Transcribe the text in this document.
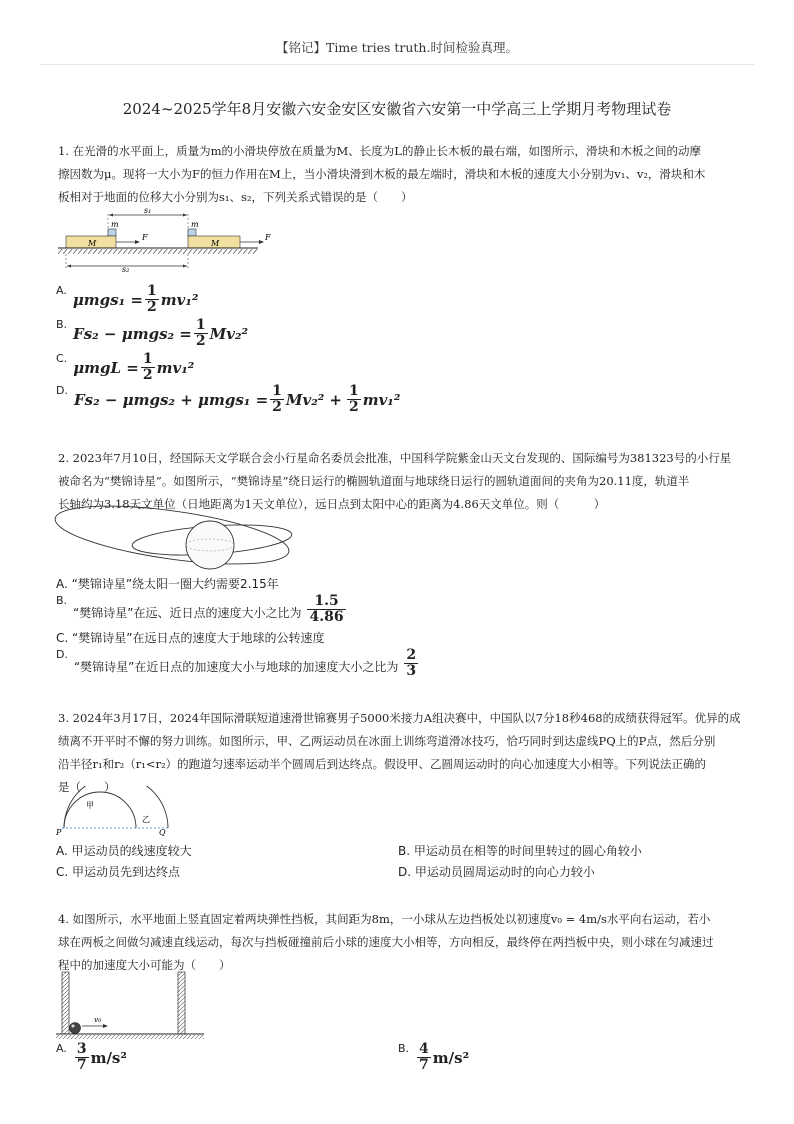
【铭记】Time tries truth.时间检验真理。
2024~2025学年8月安徽六安金安区安徽省六安第一中学高三上学期月考物理试卷
1. 在光滑的水平面上，质量为m的小滑块停放在质量为M、长度为L的静止长木板的最右端，如图所示，滑块和木板之间的动摩
擦因数为μ。现将一大小为F的恒力作用在M上，当小滑块滑到木板的最左端时，滑块和木板的速度大小分别为v₁、v₂，滑块和木
板相对于地面的位移大小分别为s₁、s₂，下列关系式错误的是（　　）
s₁
m
M
F
m
M
F
s₂
A. $\mu mgs_1 = \frac{1}{2} mv_1^2$
B. $Fs_2 - \mu mgs_2 = \frac{1}{2} Mv_2^2$
C. $\mu mgL = \frac{1}{2} mv_1^2$
D. $Fs_2 - \mu mgs_2 + \mu mgs_1 = \frac{1}{2} Mv_2^2 + \frac{1}{2} mv_1^2$
2. 2023年7月10日，经国际天文学联合会小行星命名委员会批准，中国科学院紫金山天文台发现的、国际编号为381323号的小行星
被命名为“樊锦诗星”。如图所示，“樊锦诗星”绕日运行的椭圆轨道面与地球绕日运行的圆轨道面间的夹角为20.11度，轨道半
长轴约为3.18天文单位（日地距离为1天文单位），远日点到太阳中心的距离为4.86天文单位。则（　　　）
A. “樊锦诗星”绕太阳一圈大约需要2.15年
B.
“樊锦诗星”在远、近日点的速度大小之比为 $\frac{1.5}{4.86}$
C. “樊锦诗星”在远日点的速度大于地球的公转速度
D.
“樊锦诗星”在近日点的加速度大小与地球的加速度大小之比为 $\frac{2}{3}$
3. 2024年3月17日，2024年国际滑联短道速滑世锦赛男子5000米接力A组决赛中，中国队以7分18秒468的成绩获得冠军。优异的成
绩离不开平时不懈的努力训练。如图所示，甲、乙两运动员在冰面上训练弯道滑冰技巧，恰巧同时到达虚线PQ上的P点，然后分别
沿半径r₁和r₂（r₁<r₂）的跑道匀速率运动半个圆周后到达终点。假设甲、乙圆周运动时的向心加速度大小相等。下列说法正确的
是（　　）
甲
乙
P	Q
A. 甲运动员的线速度较大	B. 甲运动员在相等的时间里转过的圆心角较小
C. 甲运动员先到达终点	D. 甲运动员圆周运动时的向心力较小
4. 如图所示，水平地面上竖直固定着两块弹性挡板，其间距为8m，一小球从左边挡板处以初速度v₀ = 4m/s水平向右运动，若小
球在两板之间做匀减速直线运动，每次与挡板碰撞前后小球的速度大小相等，方向相反，最终停在两挡板中央，则小球在匀减速过
程中的加速度大小可能为（　　）
v₀
A. $\frac{3}{7} m/s^2$	B. $\frac{4}{7} m/s^2$
